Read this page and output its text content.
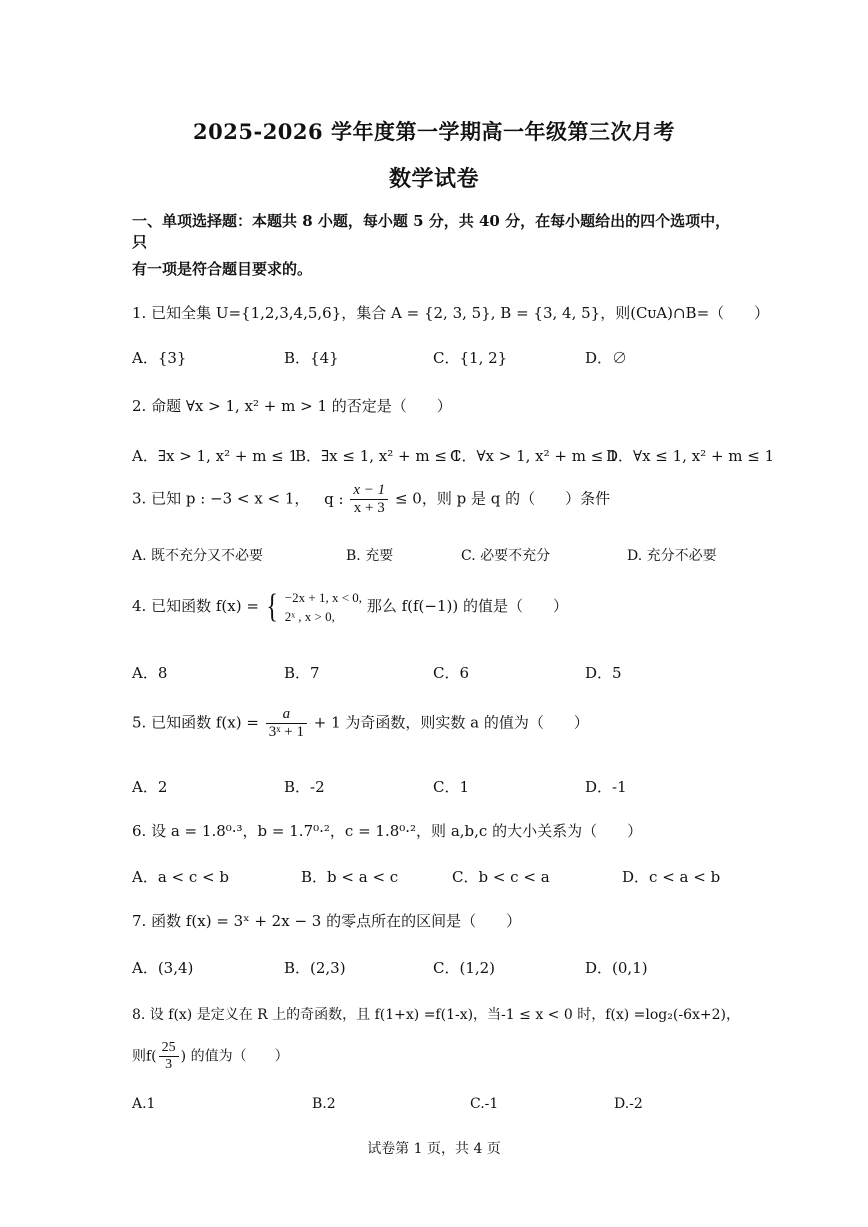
2025-2026 学年度第一学期高一年级第三次月考
数学试卷
一、单项选择题：本题共 8 小题，每小题 5 分，共 40 分，在每小题给出的四个选项中，只
有一项是符合题目要求的。
1. 已知全集 U={1,2,3,4,5,6}，集合 A = {2, 3, 5}, B = {3, 4, 5}，则(CᴜA)∩B=（　　）
A．{3}	B．{4}	C．{1, 2}	D．∅
2. 命题 ∀x > 1, x² + m > 1 的否定是（　　）
A．∃x > 1, x² + m ≤ 1
B．∃x ≤ 1, x² + m ≤ 1
C．∀x > 1, x² + m ≤ 1
D．∀x ≤ 1, x² + m ≤ 1
3. 已知 p : −3 < x < 1， q : $\frac{x - 1}{x + 3} \le 0$，则 p 是 q 的（　　）条件
A. 既不充分又不必要	B. 充要	C. 必要不充分	D. 充分不必要
4. 已知函数 f(x) = { −2x + 1, x < 0,
2ˣ , x > 0,
那么 f(f(−1)) 的值是（　　）
A．8	B．7	C．6	D．5
5. 已知函数 $f(x) = \frac{a}{\text{3ˣ + 1}} + 1$ 为奇函数，则实数 a 的值为（　　）
A．2	B．-2	C．1	D．-1
6. 设 a = 1.8⁰·³，b = 1.7⁰·²，c = 1.8⁰·²，则 a,b,c 的大小关系为（　　）
A．a < c < b	B．b < a < c	C．b < c < a	D．c < a < b
7. 函数 f(x) = 3ˣ + 2x − 3 的零点所在的区间是（　　）
A．(3,4)	B．(2,3)	C．(1,2)	D．(0,1)
8. 设 f(x) 是定义在 R 上的奇函数，且 f(1+x) =f(1-x)，当-1 ≤ x < 0 时，f(x) =log₂(-6x+2)，
则$f( \frac{25}{3}$ ) 的值为（　　）
A.1	B.2	C.-1	D.-2
试卷第 1 页，共 4 页
